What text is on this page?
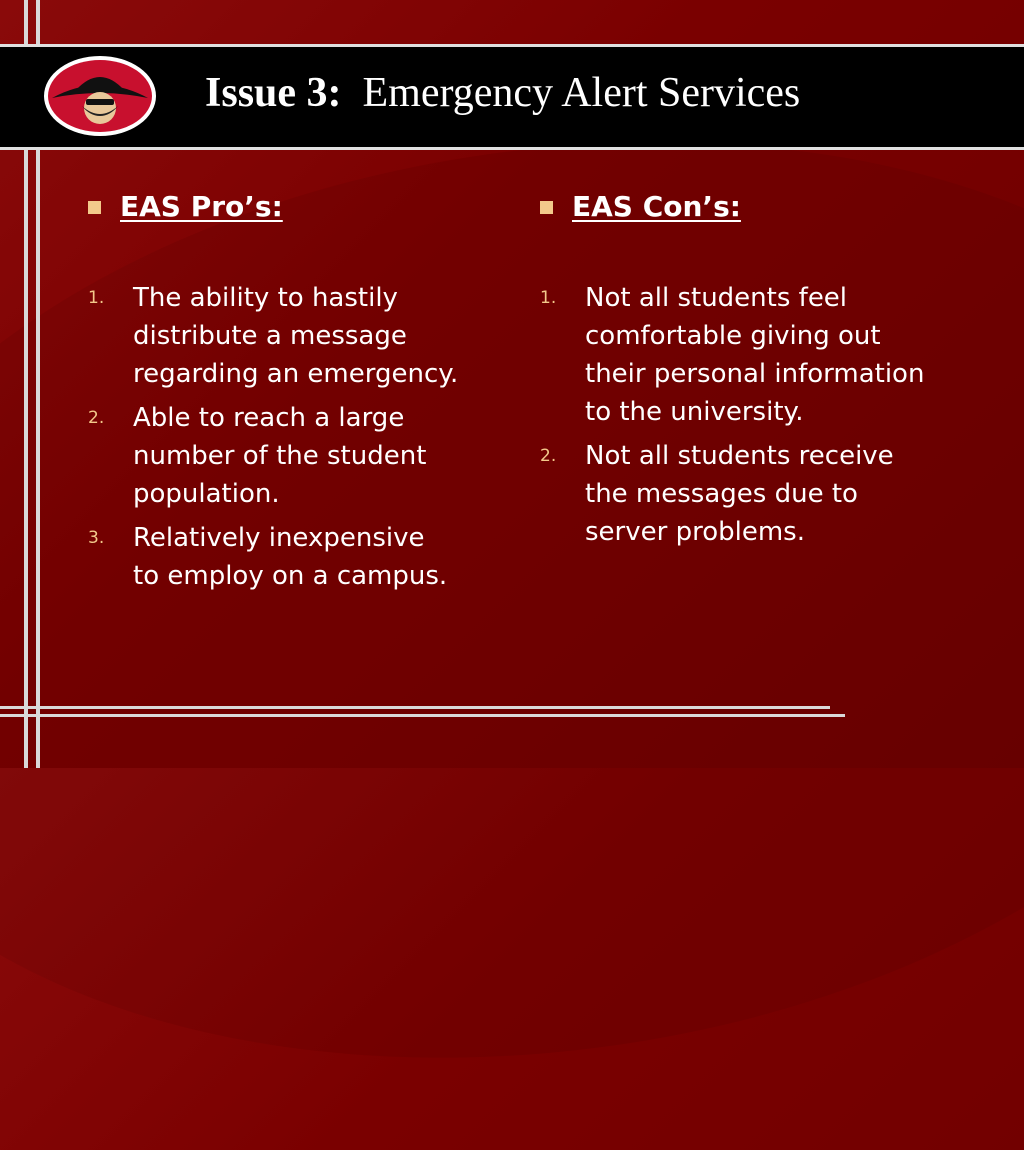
Issue 3: Emergency Alert Services
EAS Pro’s:
1.	The ability to hastily
distribute a message
regarding an emergency.
2.	Able to reach a large
number of the student
population.
3.	Relatively inexpensive
to employ on a campus.
EAS Con’s:
1.	Not all students feel
comfortable giving out
their personal information
to the university.
2.	Not all students receive
the messages due to
server problems.
